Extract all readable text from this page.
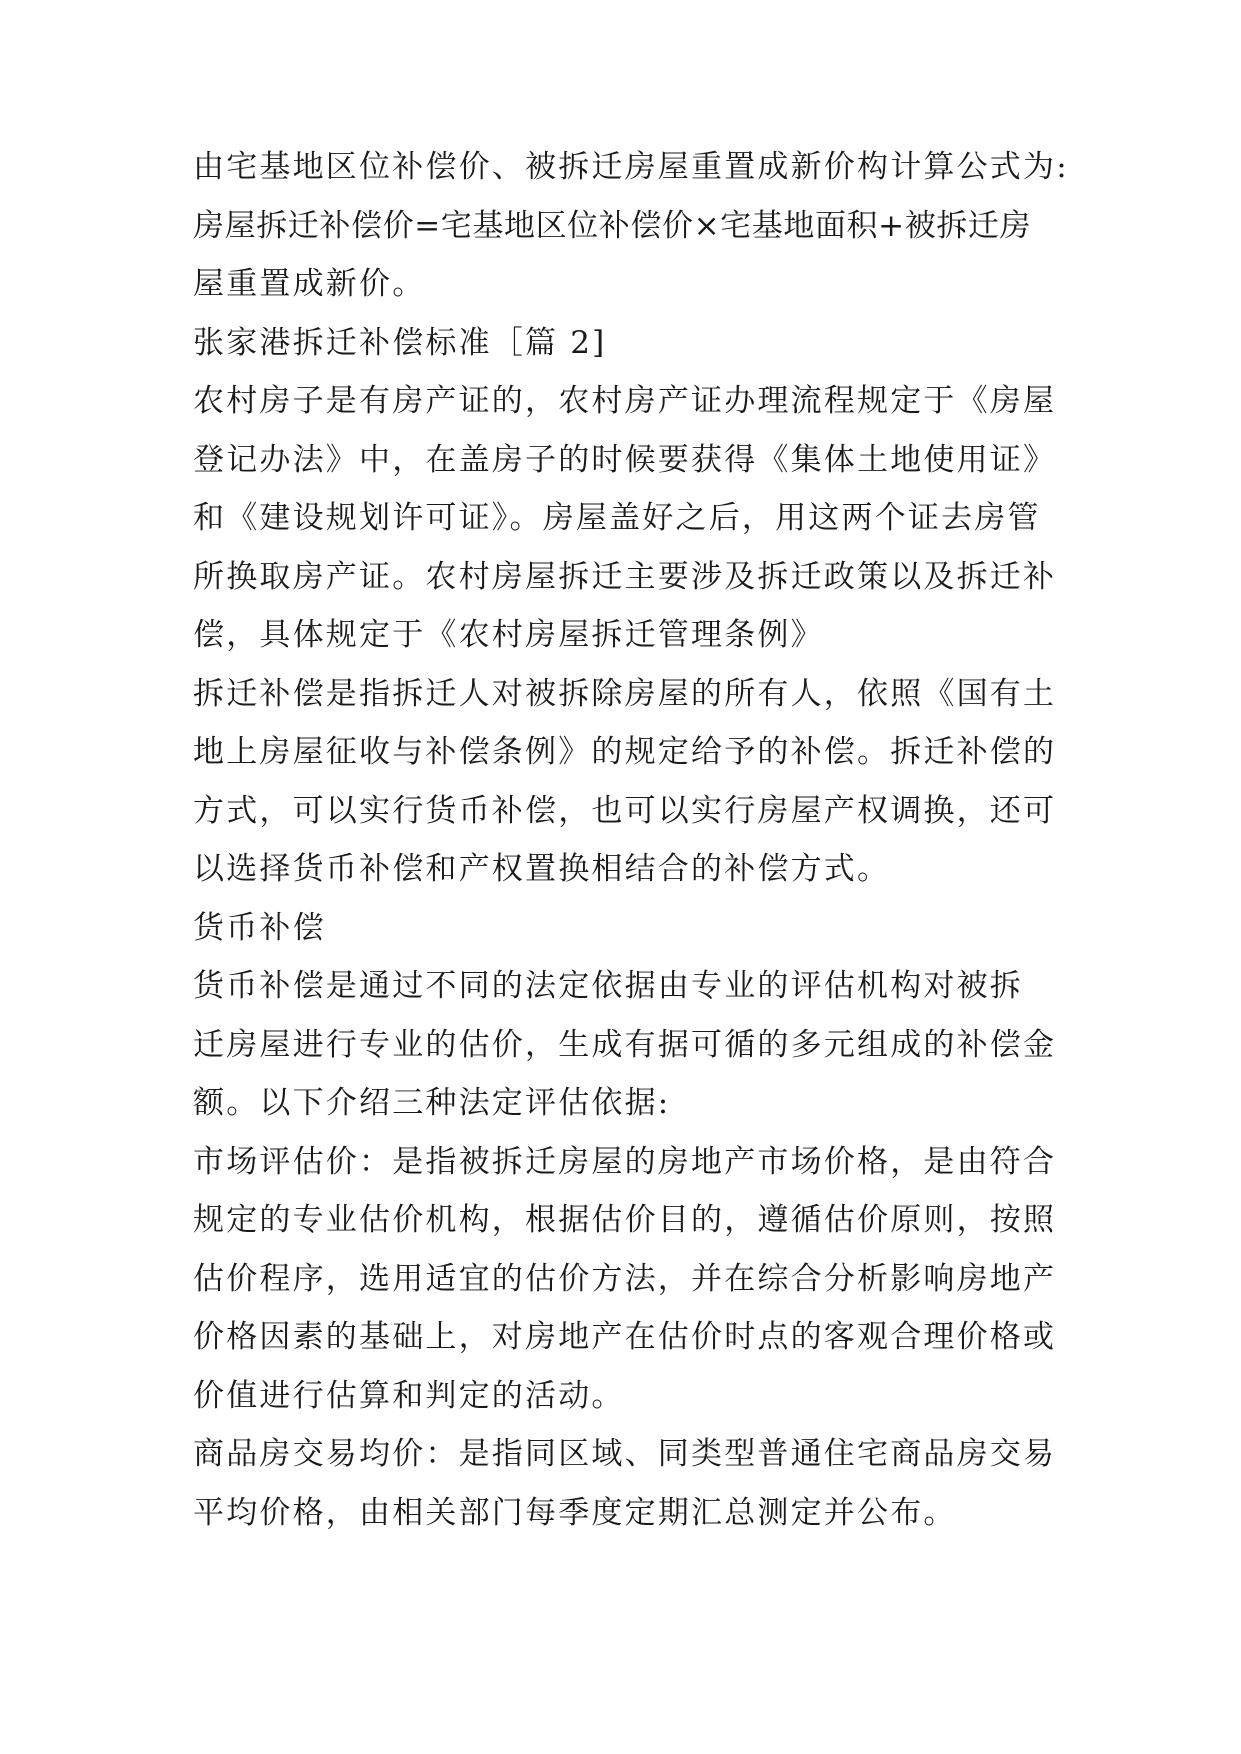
由宅基地区位补偿价、被拆迁房屋重置成新价构计算公式为:
房屋拆迁补偿价=宅基地区位补偿价×宅基地面积+被拆迁房
屋重置成新价。
张家港拆迁补偿标准［篇 2]
农村房子是有房产证的，农村房产证办理流程规定于《房屋
登记办法》中，在盖房子的时候要获得《集体土地使用证》
和《建设规划许可证》。房屋盖好之后，用这两个证去房管
所换取房产证。农村房屋拆迁主要涉及拆迁政策以及拆迁补
偿，具体规定于《农村房屋拆迁管理条例》
拆迁补偿是指拆迁人对被拆除房屋的所有人，依照《国有土
地上房屋征收与补偿条例》的规定给予的补偿。拆迁补偿的
方式，可以实行货币补偿，也可以实行房屋产权调换，还可
以选择货币补偿和产权置换相结合的补偿方式。
货币补偿
货币补偿是通过不同的法定依据由专业的评估机构对被拆
迁房屋进行专业的估价，生成有据可循的多元组成的补偿金
额。以下介绍三种法定评估依据:
市场评估价：是指被拆迁房屋的房地产市场价格，是由符合
规定的专业估价机构，根据估价目的，遵循估价原则，按照
估价程序，选用适宜的估价方法，并在综合分析影响房地产
价格因素的基础上，对房地产在估价时点的客观合理价格或
价值进行估算和判定的活动。
商品房交易均价：是指同区域、同类型普通住宅商品房交易
平均价格，由相关部门每季度定期汇总测定并公布。
